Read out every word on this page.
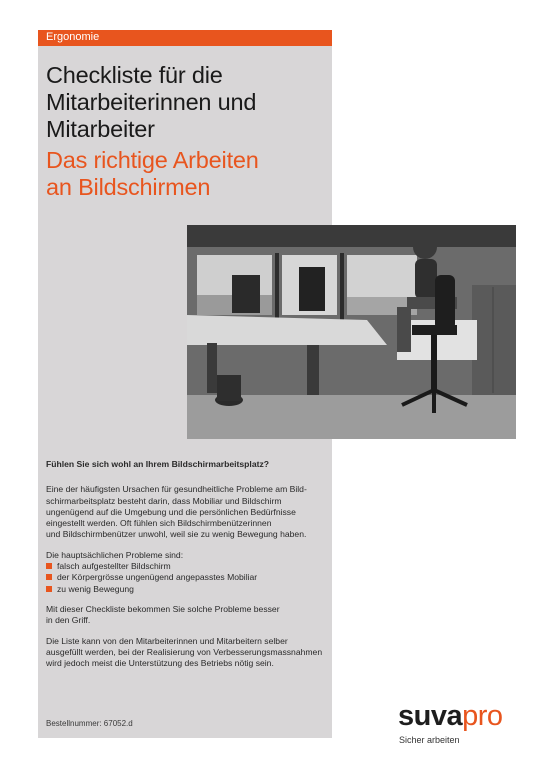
Ergonomie
Checkliste für die
Mitarbeiterinnen und
Mitarbeiter
Das richtige Arbeiten
an Bildschirmen

Fühlen Sie sich wohl an Ihrem Bildschirmarbeitsplatz?

Eine der häufigsten Ursachen für gesundheitliche Probleme am Bild-
schirmarbeitsplatz besteht darin, dass Mobiliar und Bildschirm
ungenügend auf die Umgebung und die persönlichen Bedürfnisse
eingestellt werden. Oft fühlen sich Bildschirmbenützerinnen
und Bildschirmbenützer unwohl, weil sie zu wenig Bewegung haben.

Die hauptsächlichen Probleme sind:

falsch aufgestellter Bildschirm
der Körpergrösse ungenügend angepasstes Mobiliar
zu wenig Bewegung

Mit dieser Checkliste bekommen Sie solche Probleme besser
in den Griff.

Die Liste kann von den Mitarbeiterinnen und Mitarbeitern selber
ausgefüllt werden, bei der Realisierung von Verbesserungsmassnahmen
wird jedoch meist die Unterstützung des Betriebs nötig sein.

Bestellnummer: 67052.d	suvapro
Sicher arbeiten
